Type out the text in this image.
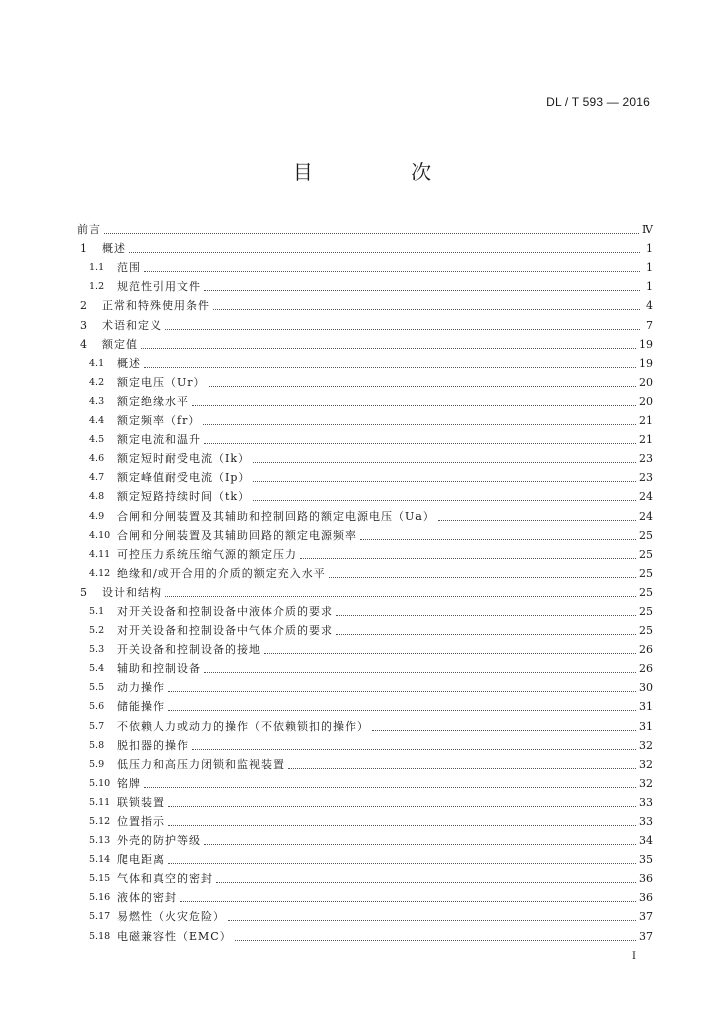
DL / T 593 — 2016
目 次
前言	Ⅳ
1	概述	1
1.1	范围	1
1.2	规范性引用文件	1
2	正常和特殊使用条件	4
3	术语和定义	7
4	额定值	19
4.1	概述	19
4.2	额定电压（Ur）	20
4.3	额定绝缘水平	20
4.4	额定频率（fr）	21
4.5	额定电流和温升	21
4.6	额定短时耐受电流（Ik）	23
4.7	额定峰值耐受电流（Ip）	23
4.8	额定短路持续时间（tk）	24
4.9	合闸和分闸装置及其辅助和控制回路的额定电源电压（Ua）	24
4.10 合闸和分闸装置及其辅助回路的额定电源频率	25
4.11 可控压力系统压缩气源的额定压力	25
4.12 绝缘和/或开合用的介质的额定充入水平	25
5	设计和结构	25
5.1	对开关设备和控制设备中液体介质的要求	25
5.2	对开关设备和控制设备中气体介质的要求	25
5.3	开关设备和控制设备的接地	26
5.4	辅助和控制设备	26
5.5	动力操作	30
5.6	储能操作	31
5.7	不依赖人力或动力的操作（不依赖锁扣的操作）	31
5.8	脱扣器的操作	32
5.9	低压力和高压力闭锁和监视装置	32
5.10 铭牌	32
5.11 联锁装置	33
5.12 位置指示	33
5.13 外壳的防护等级	34
5.14 爬电距离	35
5.15 气体和真空的密封	36
5.16 液体的密封	36
5.17 易燃性（火灾危险）	37
5.18 电磁兼容性（EMC）	37
I
